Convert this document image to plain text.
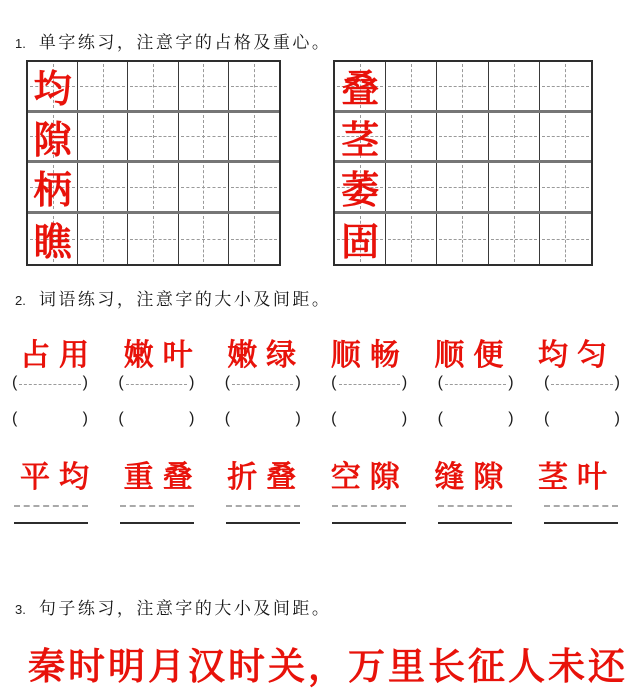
1. 单字练习，注意字的占格及重心。
均
隙
柄
瞧
叠
茎
萎
固
2. 词语练习，注意字的大小及间距。
占用 嫩叶 嫩绿 顺畅 顺便 均匀
(	) (	) (	) (	) (	) (	)
(	) (	) (	) (	) (	) (	)
平均 重叠 折叠 空隙 缝隙 茎叶
3. 句子练习，注意字的大小及间距。
秦时明月汉时关，万里长征人未还
